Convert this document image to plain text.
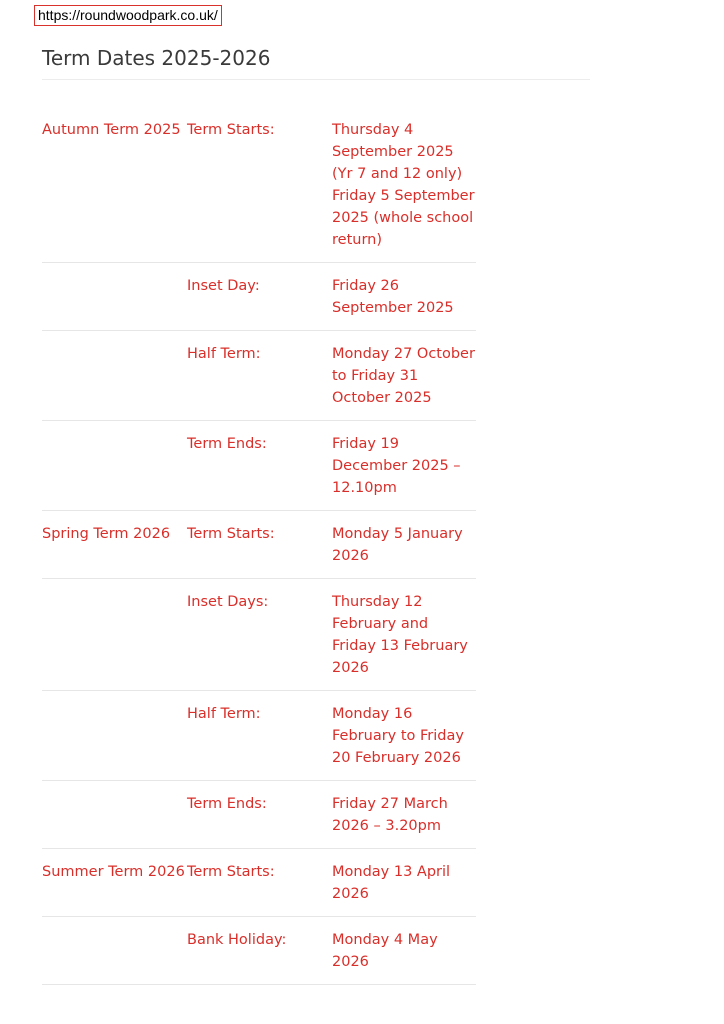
https://roundwoodpark.co.uk/
Term Dates 2025-2026
Autumn Term 2025	Term Starts:	Thursday 4 September 2025 (Yr 7 and 12 only) Friday 5 September 2025 (whole school return)

	Inset Day:	Friday 26 September 2025

	Half Term:	Monday 27 October to Friday 31 October 2025

	Term Ends:	Friday 19 December 2025 – 12.10pm

Spring Term 2026	Term Starts:	Monday 5 January 2026

	Inset Days:	Thursday 12 February and Friday 13 February 2026

	Half Term:	Monday 16 February to Friday 20 February 2026

	Term Ends:	Friday 27 March 2026 – 3.20pm

Summer Term 2026	Term Starts:	Monday 13 April 2026

	Bank Holiday:	Monday 4 May 2026
